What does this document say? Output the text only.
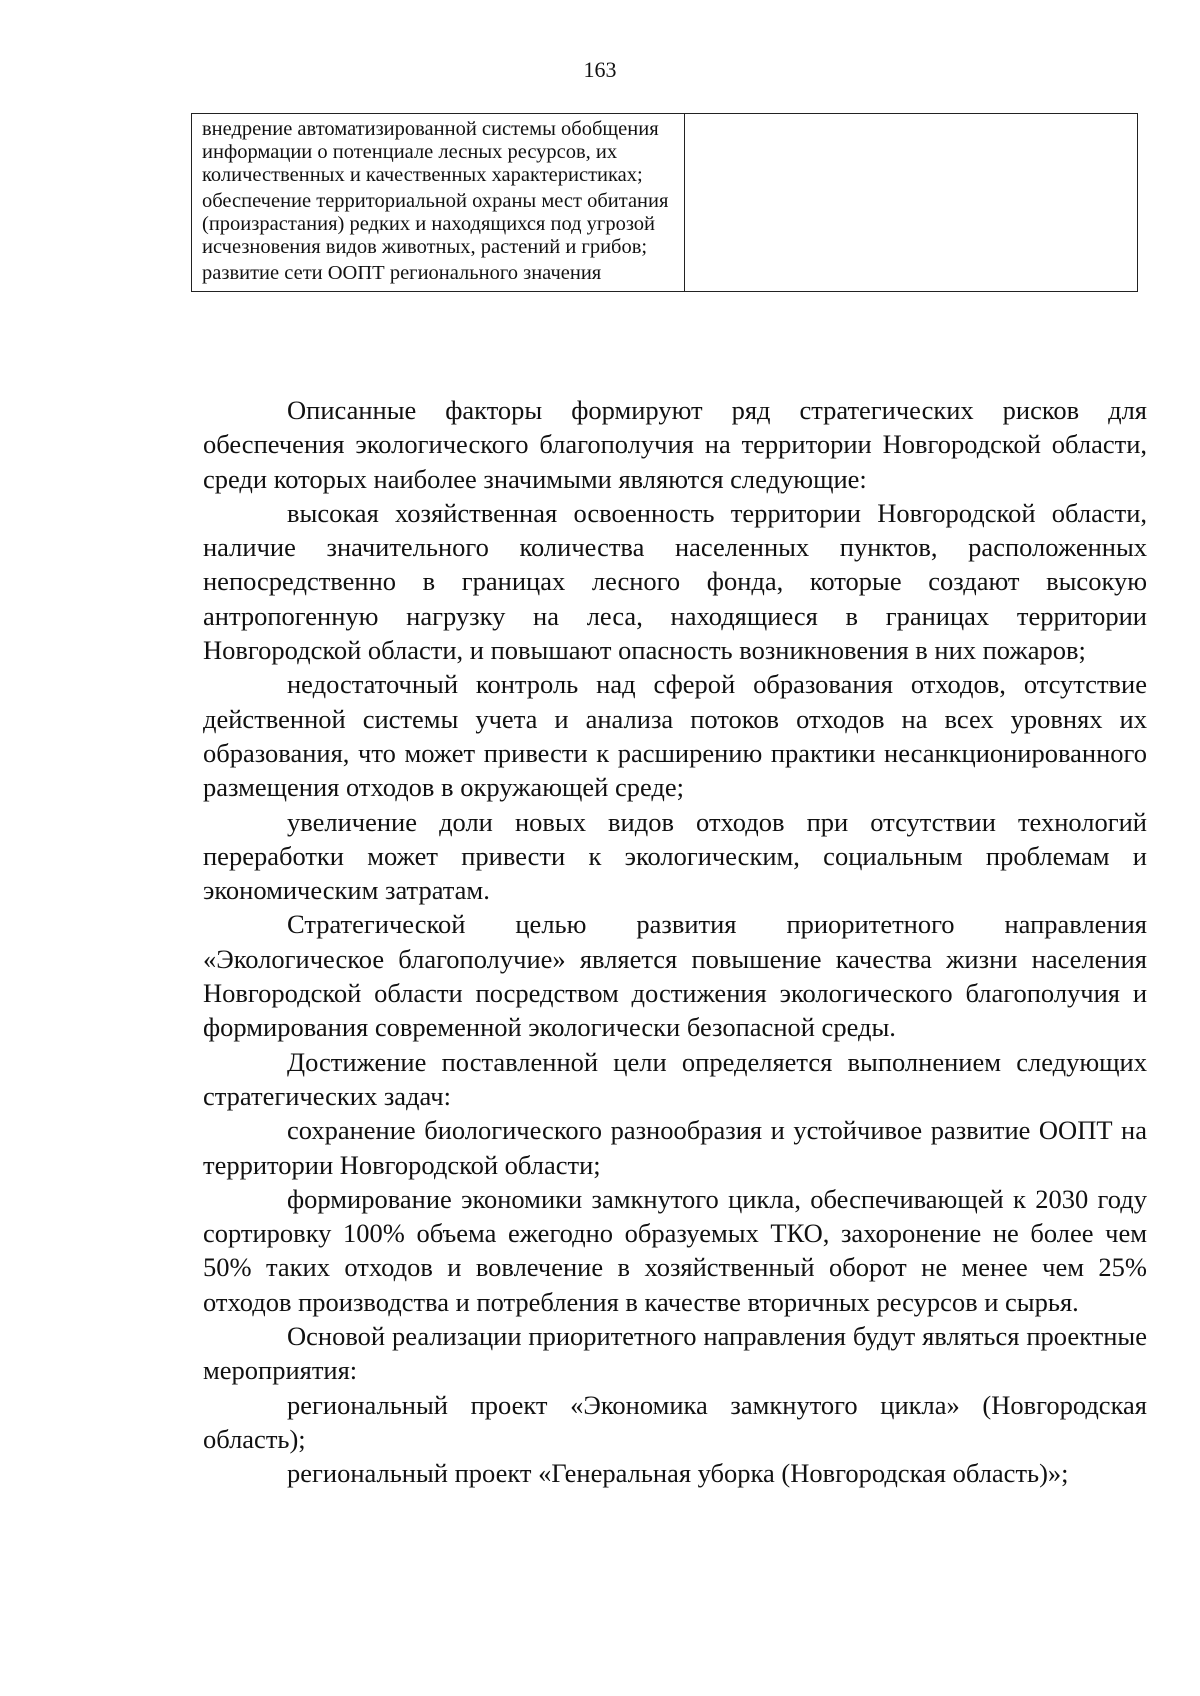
163

внедрение автоматизированной системы обобщения информации о потенциале лесных ресурсов, их количественных и качественных характеристиках;

обеспечение территориальной охраны мест обитания (произрастания) редких и находящихся под угрозой исчезновения видов животных, растений и грибов;

развитие сети ООПТ регионального значения

Описанные факторы формируют ряд стратегических рисков для обеспечения экологического благополучия на территории Новгородской области, среди которых наиболее значимыми являются следующие:

высокая хозяйственная освоенность территории Новгородской области, наличие значительного количества населенных пунктов, расположенных непосредственно в границах лесного фонда, которые создают высокую антропогенную нагрузку на леса, находящиеся в границах территории Новгородской области, и повышают опасность возникновения в них пожаров;

недостаточный контроль над сферой образования отходов, отсутствие действенной системы учета и анализа потоков отходов на всех уровнях их образования, что может привести к расширению практики несанкционированного размещения отходов в окружающей среде;

увеличение доли новых видов отходов при отсутствии технологий переработки может привести к экологическим, социальным проблемам и экономическим затратам.

Стратегической целью развития приоритетного направления «Экологическое благополучие» является повышение качества жизни населения Новгородской области посредством достижения экологического благополучия и формирования современной экологически безопасной среды.

Достижение поставленной цели определяется выполнением следующих стратегических задач:

сохранение биологического разнообразия и устойчивое развитие ООПТ на территории Новгородской области;

формирование экономики замкнутого цикла, обеспечивающей к 2030 году сортировку 100% объема ежегодно образуемых ТКО, захоронение не более чем 50% таких отходов и вовлечение в хозяйственный оборот не менее чем 25% отходов производства и потребления в качестве вторичных ресурсов и сырья.

Основой реализации приоритетного направления будут являться проектные мероприятия:

региональный проект «Экономика замкнутого цикла» (Новгородская область);

региональный проект «Генеральная уборка (Новгородская область)»;
